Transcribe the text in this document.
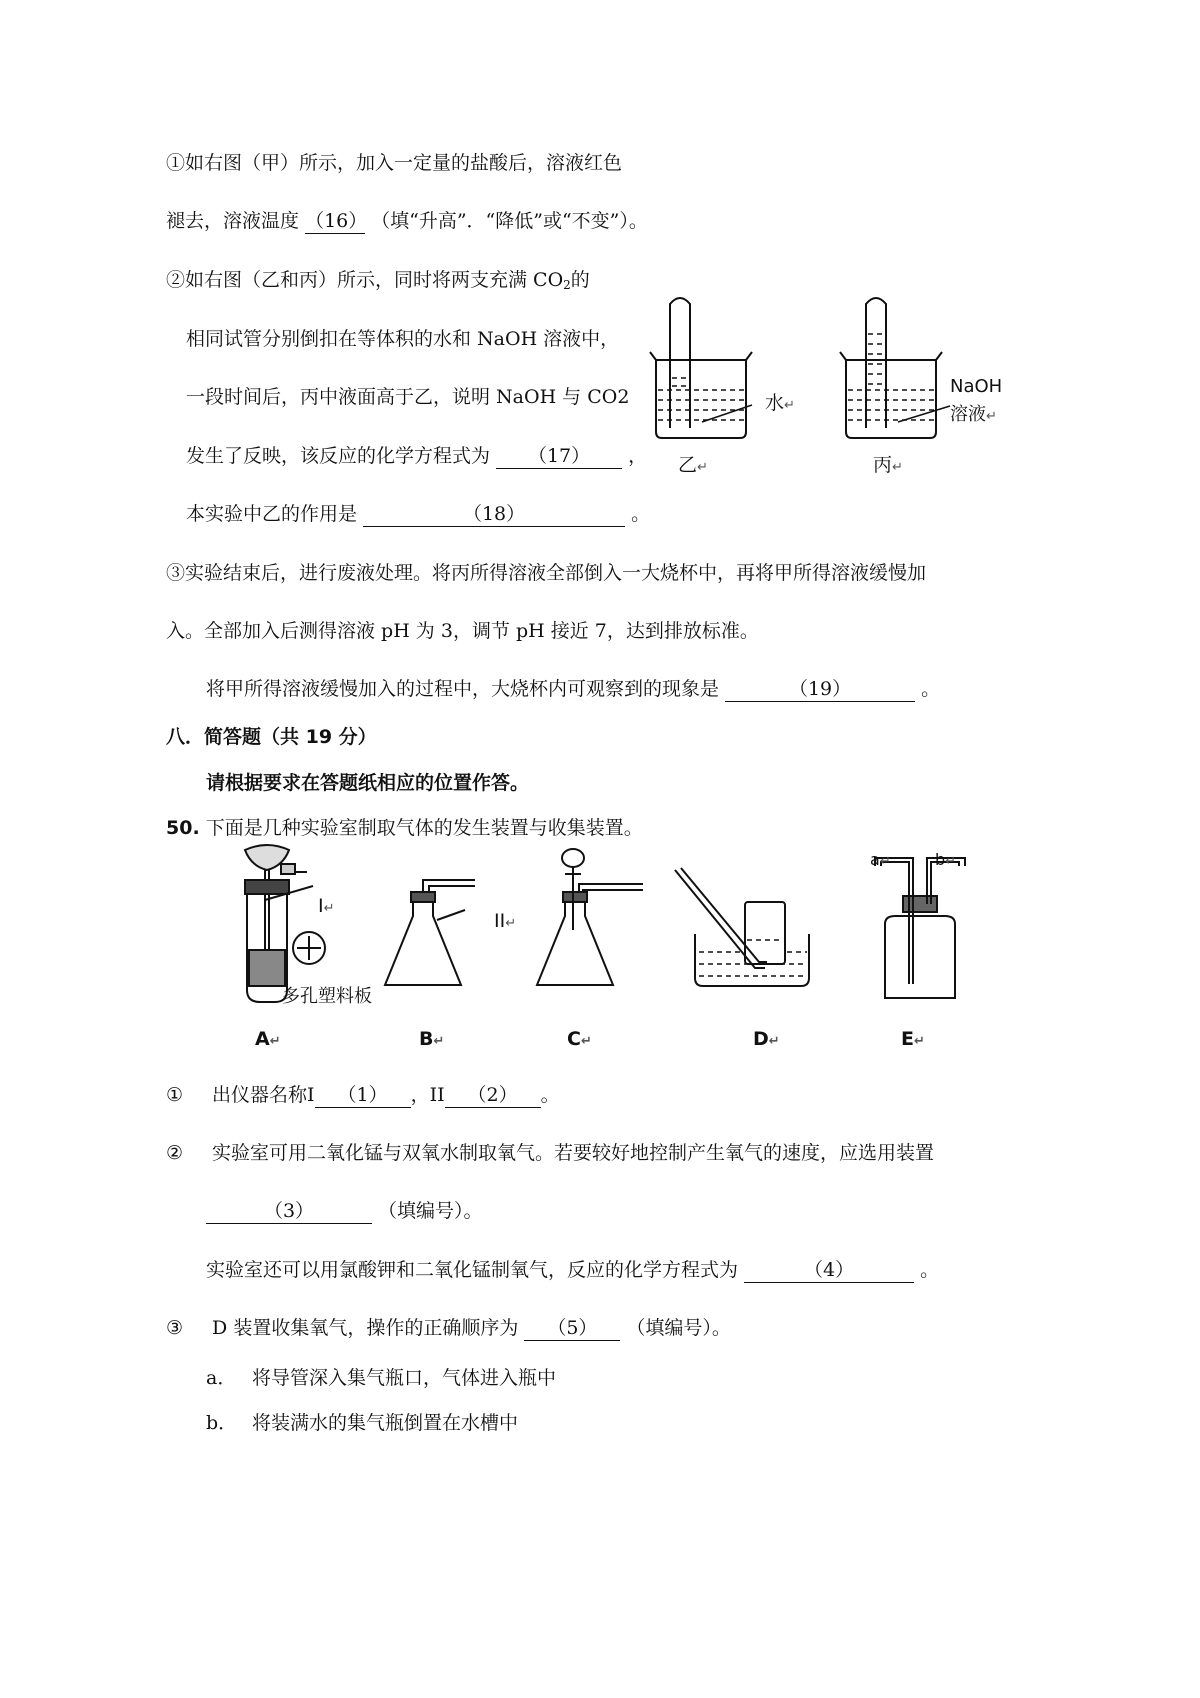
①如右图（甲）所示，加入一定量的盐酸后，溶液红色
褪去，溶液温度 （16） （填“升高”．“降低”或“不变”）。
②如右图（乙和丙）所示，同时将两支充满 $CO_2$的
相同试管分别倒扣在等体积的水和 NaOH 溶液中，
一段时间后，丙中液面高于乙，说明 NaOH 与 CO2
发生了反映，该反应的化学方程式为 （17） ，
本实验中乙的作用是	（18）	。
水↵
NaOH
溶液↵
乙↵	丙↵
③实验结束后，进行废液处理。将丙所得溶液全部倒入一大烧杯中，再将甲所得溶液缓慢加
入。全部加入后测得溶液 pH 为 3，调节 pH 接近 7，达到排放标准。
将甲所得溶液缓慢加入的过程中，大烧杯内可观察到的现象是	（19）	。
八．简答题（共 19 分）
请根据要求在答题纸相应的位置作答。
50. 下面是几种实验室制取气体的发生装置与收集装置。
I↵
II↵
多孔塑料板
a↵	b↵
A↵	B↵	C↵	D↵	E↵
① 出仪器名称I （1） ，II （2） 。
② 实验室可用二氧化锰与双氧水制取氧气。若要较好地控制产生氧气的速度，应选用装置
（3）	（填编号）。
实验室还可以用氯酸钾和二氧化锰制氧气，反应的化学方程式为	（4）	。
③ D 装置收集氧气，操作的正确顺序为 （5） （填编号）。
a． 将导管深入集气瓶口，气体进入瓶中
b． 将装满水的集气瓶倒置在水槽中
